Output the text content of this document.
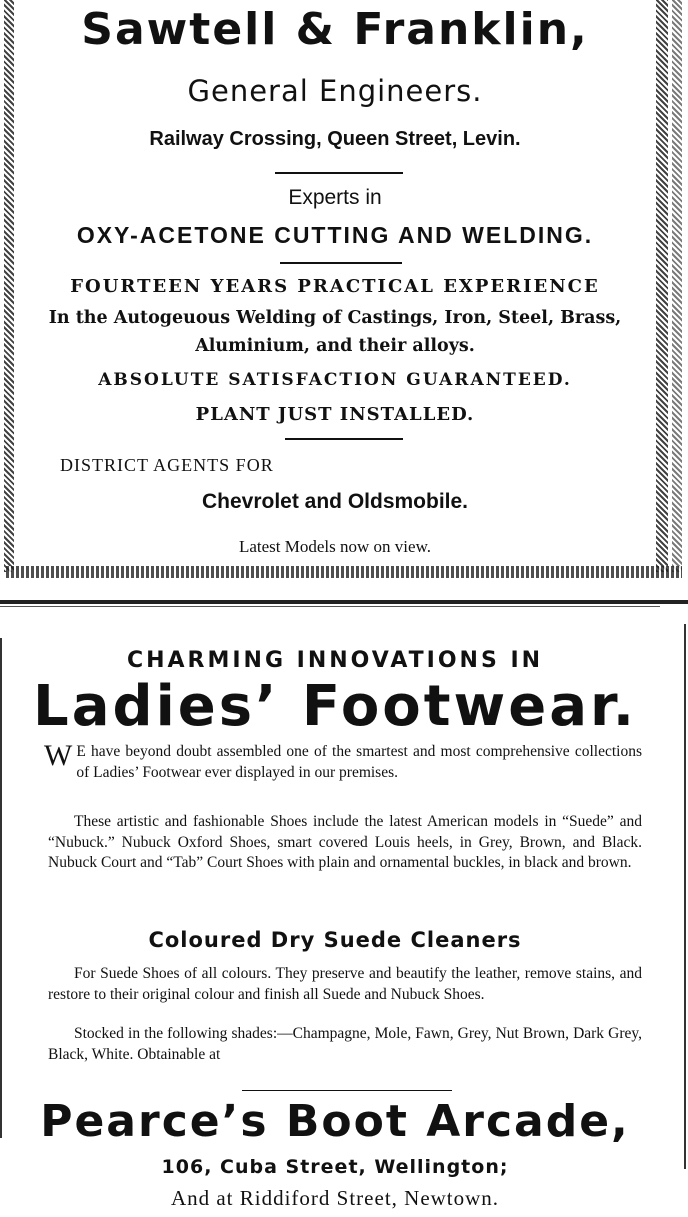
Sawtell & Franklin,
General Engineers.
Railway Crossing, Queen Street, Levin.
Experts in
OXY-ACETONE CUTTING AND WELDING.
FOURTEEN YEARS PRACTICAL EXPERIENCE
In the Autogeuous Welding of Castings, Iron, Steel, Brass,
Aluminium, and their alloys.
ABSOLUTE SATISFACTION GUARANTEED.
PLANT JUST INSTALLED.
DISTRICT AGENTS FOR
Chevrolet and Oldsmobile.
Latest Models now on view.
CHARMING INNOVATIONS IN
Ladies’ Footwear.
W E have beyond doubt assembled one of the smartest and most comprehensive collections of Ladies’ Footwear ever displayed in our premises.
These artistic and fashionable Shoes include the latest American models in “Suede” and “Nubuck.” Nubuck Oxford Shoes, smart covered Louis heels, in Grey, Brown, and Black. Nubuck Court and “Tab” Court Shoes with plain and ornamental buckles, in black and brown.
Coloured Dry Suede Cleaners
For Suede Shoes of all colours. They preserve and beautify the leather, remove stains, and restore to their original colour and finish all Suede and Nubuck Shoes.
Stocked in the following shades:—Champagne, Mole, Fawn, Grey, Nut Brown, Dark Grey, Black, White. Obtainable at
Pearce’s Boot Arcade,
106, Cuba Street, Wellington;
And at Riddiford Street, Newtown.
